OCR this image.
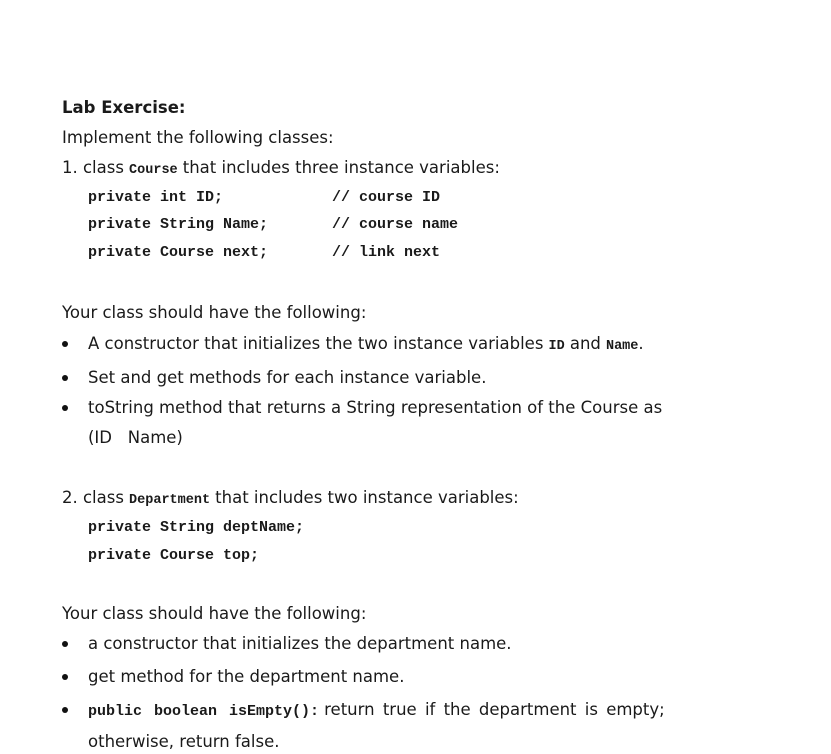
Lab Exercise:
Implement the following classes:
1. class Course that includes three instance variables:
private int ID;	// course ID
private String Name;	// course name
private Course next;	// link next
Your class should have the following:
A constructor that initializes the two instance variables ID and Name.
Set and get methods for each instance variable.
toString method that returns a String representation of the Course as
(ID   Name)
2. class Department that includes two instance variables:
private String deptName;
private Course top;
Your class should have the following:
a constructor that initializes the department name.
get method for the department name.
public boolean isEmpty(): return true if the department is empty;
otherwise, return false.
